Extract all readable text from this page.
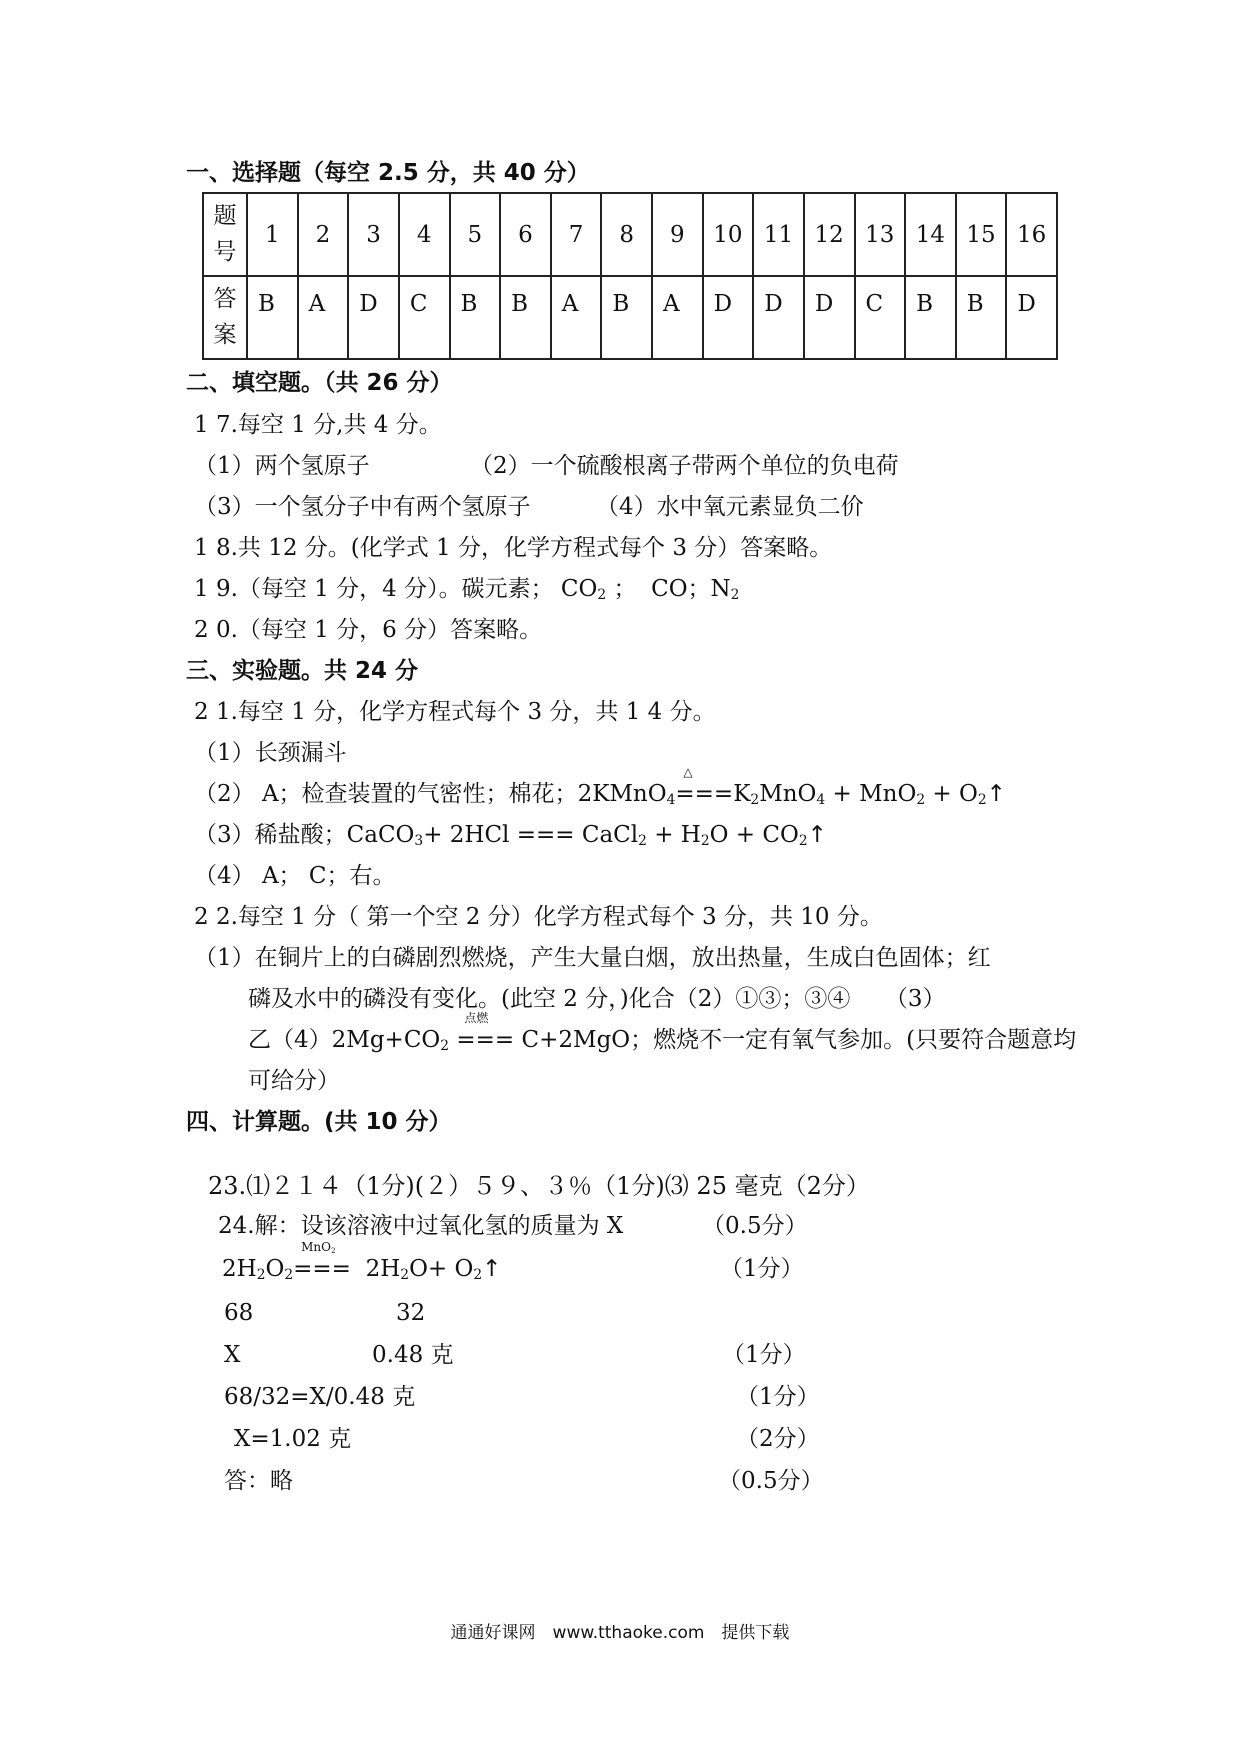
一、选择题（每空 2.5 分，共 40 分）
题
号	1	2	3	4	5	6	7	8	9	10	11	12	13	14	15	16
答
案	B	A	D	C	B	B	A	B	A	D	D	D	C	B	B	D
二、填空题。（共 26 分）
1 7.每空 1 分,共 4 分。
（1）两个氢原子	（2）一个硫酸根离子带两个单位的负电荷
（3）一个氢分子中有两个氢原子	（4）水中氧元素显负二价
1 8.共 12 分。(化学式 1 分，化学方程式每个 3 分）答案略。
1 9.（每空 1 分，4 分）。碳元素； $CO_2$ ；  CO；$N_2$
2 0.（每空 1 分，6 分）答案略。
三、实验题。共 24 分
2 1.每空 1 分，化学方程式每个 3 分，共 1 4 分。
（1）长颈漏斗
（2） A；检查装置的气密性；棉花；2KMnO$_4$
△
$===K_2MnO_4 + MnO_2$ + $O_2↑$
（3）稀盐酸；CaCO$_3$+ 2HCl === CaCl$_2$ + $H_2O$ + $CO_2↑$
（4） A； C；右。
2 2.每空 1 分（ 第一个空 2 分）化学方程式每个 3 分，共 10 分。
（1）在铜片上的白磷剧烈燃烧，产生大量白烟，放出热量，生成白色固体；红
磷及水中的磷没有变化。(此空 2 分，)化合（2）①③；③④　　（3）
乙$(4)2Mg+CO_2$
点燃
=== C+2MgO；燃烧不一定有氧气参加。(只要符合题意均
可给分）
四、计算题。(共 10 分）
23.⑴２１４（1分)(２）５９、３％（1分)⑶ 25 毫克（2分）
24.解：设该溶液中过氧化氢的质量为 X	（0.5分）
$2H_2O_2$
MnO$_2$
===  $2H_2O+$ $O_2↑$	（1分）
68	32
X	0.48 克	（1分）
68/32=X/0.48 克	（1分）
X=1.02 克	（2分）
答：略	（0.5分）
通通好课网　www.tthaoke.com　提供下载
